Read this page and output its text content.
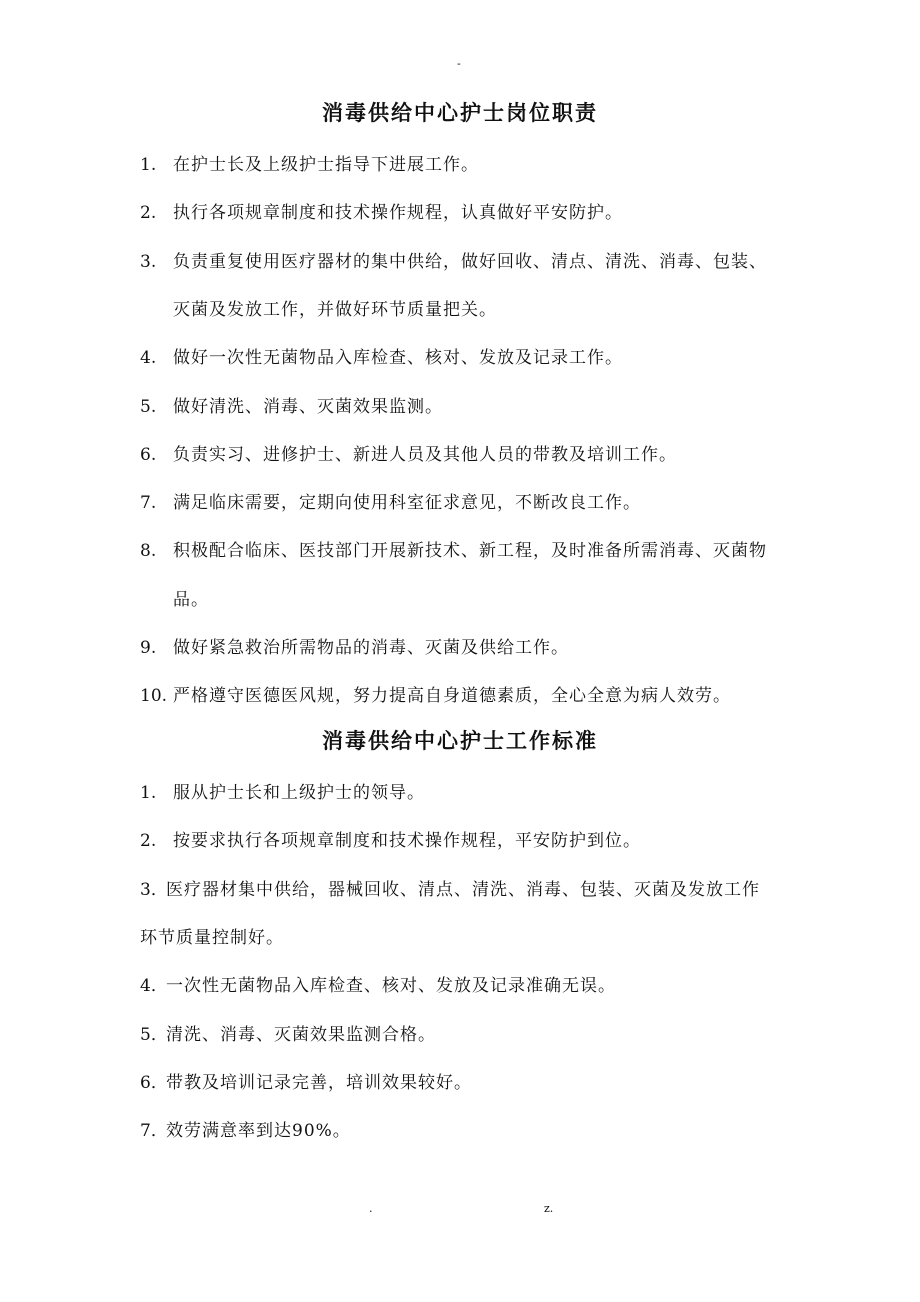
-
消毒供给中心护士岗位职责
1. 在护士长及上级护士指导下进展工作。
2. 执行各项规章制度和技术操作规程，认真做好平安防护。
3. 负责重复使用医疗器材的集中供给，做好回收、清点、清洗、消毒、包装、
灭菌及发放工作，并做好环节质量把关。
4. 做好一次性无菌物品入库检查、核对、发放及记录工作。
5. 做好清洗、消毒、灭菌效果监测。
6. 负责实习、进修护士、新进人员及其他人员的带教及培训工作。
7. 满足临床需要，定期向使用科室征求意见，不断改良工作。
8. 积极配合临床、医技部门开展新技术、新工程，及时准备所需消毒、灭菌物
品。
9. 做好紧急救治所需物品的消毒、灭菌及供给工作。
10. 严格遵守医德医风规，努力提高自身道德素质，全心全意为病人效劳。
消毒供给中心护士工作标准
1. 服从护士长和上级护士的领导。
2. 按要求执行各项规章制度和技术操作规程，平安防护到位。
3．
医疗器材集中供给，器械回收、清点、清洗、消毒、包装、灭菌及发放工作
环节质量控制好。
4．
一次性无菌物品入库检查、核对、发放及记录准确无误。
5．
清洗、消毒、灭菌效果监测合格。
6．
带教及培训记录完善，培训效果较好。
7．
效劳满意率到达90%。
.	z.
